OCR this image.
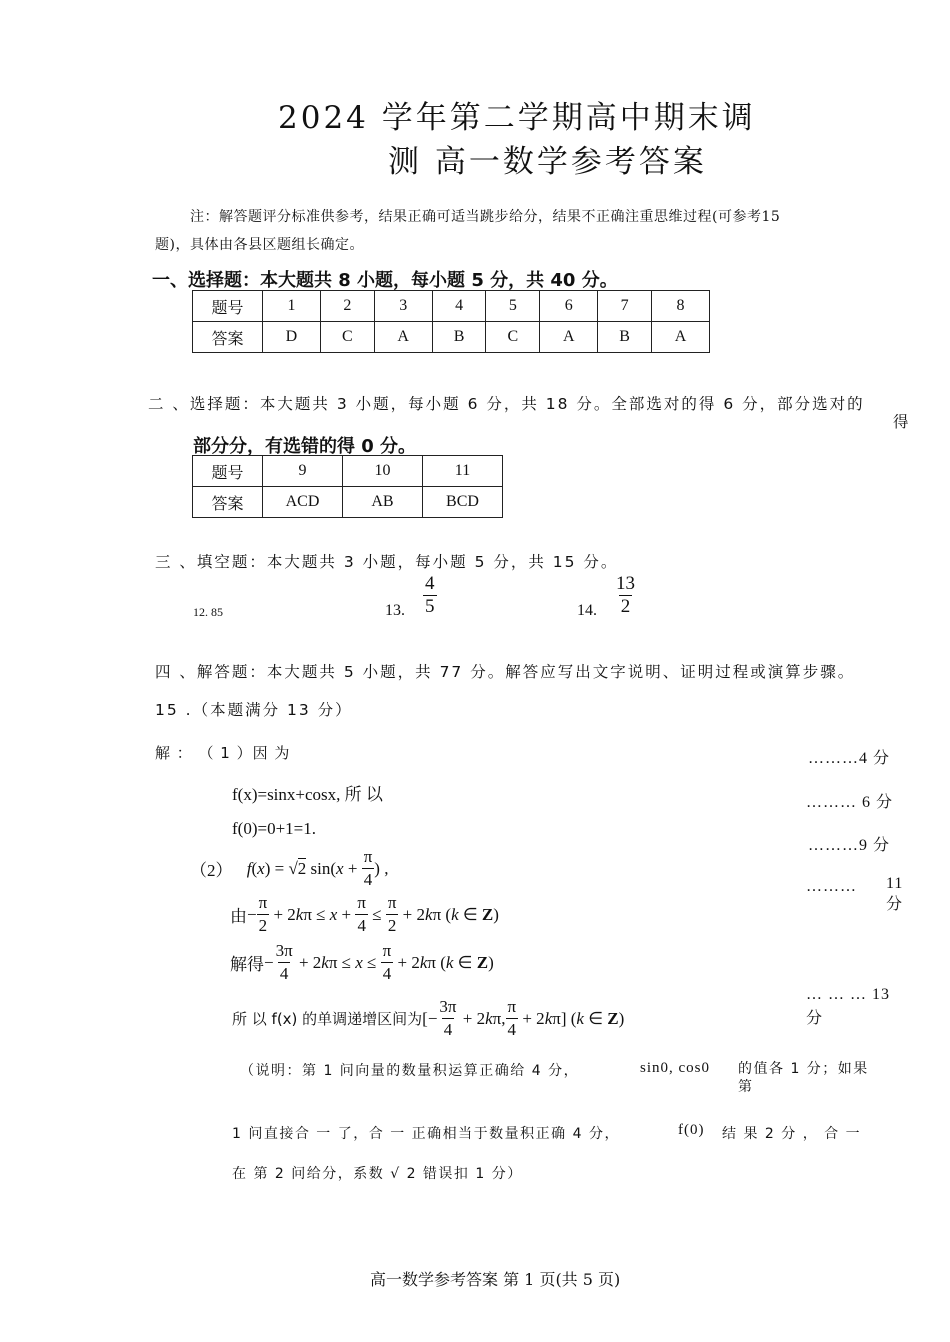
2024 学年第二学期高中期末调
测 高一数学参考答案
注：解答题评分标准供参考，结果正确可适当跳步给分，结果不正确注重思维过程(可参考15
题)，具体由各县区题组长确定。
一、选择题：本大题共 8 小题，每小题 5 分，共 40 分。
题号	1	2	3	4	5	6	7	8
答案	D	C	A	B	C	A	B	A
二 、选择题：本大题共 3 小题，每小题 6 分，共 18 分。全部选对的得 6 分，部分选对的
得
部分分，有选错的得 0 分。
题号	9	10	11
答案	ACD	AB	BCD
三 、填空题：本大题共 3 小题，每小题 5 分，共 15 分。
12. 85	13. $\frac{4}{5}$	14. $\frac{13}{2}$
四 、解答题：本大题共 5 小题，共 77 分。解答应写出文字说明、证明过程或演算步骤。
15 .（本题满分 13 分）
解 ： （ 1 ）因 为	………4 分
f(x)=sinx+cosx, 所 以	……… 6 分
f(0)=0+1=1.
………9 分
（2） f(x) = √2 $\sin(x + \frac{\pi}{4}$ ) ,
……… 11
分
由 − $\frac{\pi}{2} + 2k\pi \le x + \frac{\pi}{4} \le \frac{\pi}{2} + 2k\pi$ (k ∈ Z)
解得 − $\frac{3\pi}{4} + 2k\pi \le x \le \frac{\pi}{4} + 2k\pi$ (k ∈ Z)
所 以 f(x) 的单调递增区间为 [− $\frac{3\pi}{4} + 2k\pi$, $\frac{\pi}{4} + 2k\pi$] (k ∈ Z)
… … … 13
分
（说明：第 1 问向量的数量积运算正确给 4 分，	sin0, cos0 的值各 1 分；如果
第
1 问直接合 一 了，合 一 正确相当于数量积正确 4 分，	f(0) 结 果 2 分 ， 合 一
在 第 2 问给分，系数 √ 2 错误扣 1 分）
高一数学参考答案 第 1 页(共 5 页)
